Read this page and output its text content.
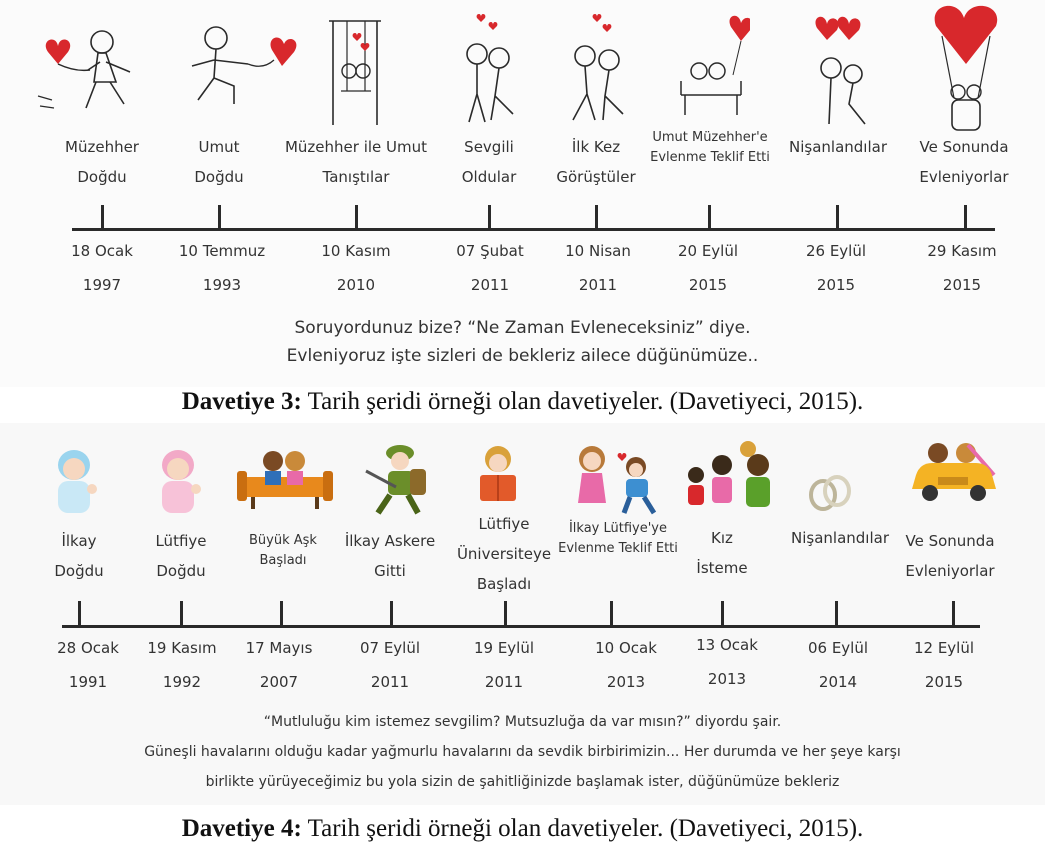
Müzehher Doğdu
Umut Doğdu
Müzehher ile Umut Tanıştılar
Sevgili Oldular
İlk Kez Görüştüler
Umut Müzehher'e Evlenme Teklif Etti
Nişanlandılar	Ve Sonunda Evleniyorlar
18 Ocak
1997
10 Temmuz
1993
10 Kasım
2010
07 Şubat
2011
10 Nisan
2011
20 Eylül
2015
26 Eylül
2015
29 Kasım
2015
Soruyordunuz bize? “Ne Zaman Evleneceksiniz” diye.
Evleniyoruz işte sizleri de bekleriz ailece düğünümüze..
Davetiye 3: Tarih şeridi örneği olan davetiyeler. (Davetiyeci, 2015).
İlkay Doğdu
Lütfiye Doğdu
Büyük Aşk Başladı
İlkay Askere Gitti
Lütfiye Üniversiteye Başladı
İlkay Lütfiye'ye Evlenme Teklif Etti
Kız İsteme
Nişanlandılar	Ve Sonunda Evleniyorlar
28 Ocak
1991
19 Kasım
1992
17 Mayıs
2007
07 Eylül
2011
19 Eylül
2011
10 Ocak
2013
13 Ocak
2013
06 Eylül
2014
12 Eylül
2015
“Mutluluğu kim istemez sevgilim? Mutsuzluğa da var mısın?” diyordu şair.
Güneşli havalarını olduğu kadar yağmurlu havalarını da sevdik birbirimizin... Her durumda ve her şeye karşı
birlikte yürüyeceğimiz bu yola sizin de şahitliğinizde başlamak ister, düğünümüze bekleriz
Davetiye 4: Tarih şeridi örneği olan davetiyeler. (Davetiyeci, 2015).
